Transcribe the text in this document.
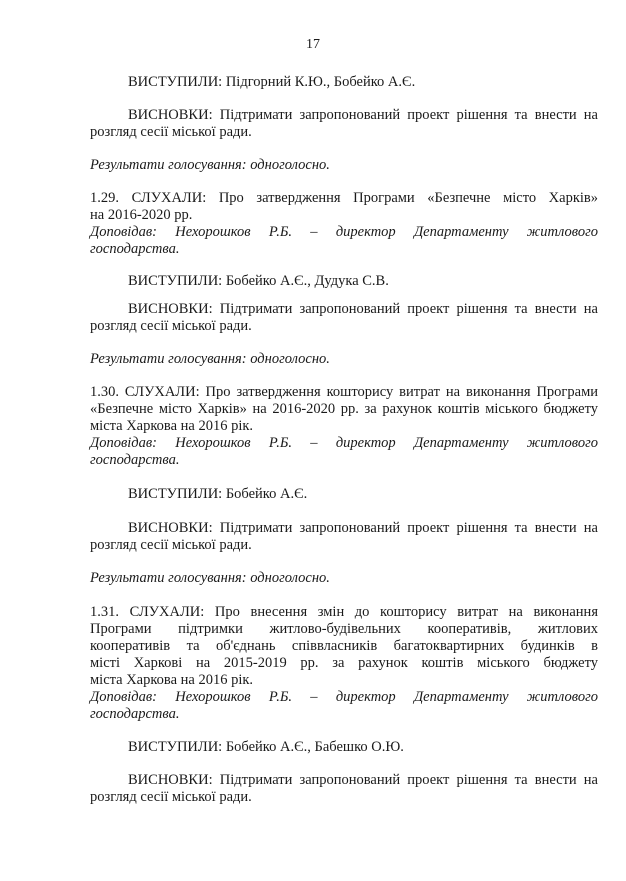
17
ВИСТУПИЛИ: Підгорний К.Ю., Бобейко А.Є.
ВИСНОВКИ: Підтримати запропонований проект рішення та внести на
розгляд сесії міської ради.
Результати голосування: одноголосно.
1.29. СЛУХАЛИ: Про затвердження Програми «Безпечне місто Харків»
на 2016-2020 рр.
Доповідав: Нехорошков Р.Б. – директор Департаменту житлового
господарства.
ВИСТУПИЛИ: Бобейко А.Є., Дудука С.В.
ВИСНОВКИ: Підтримати запропонований проект рішення та внести на
розгляд сесії міської ради.
Результати голосування: одноголосно.
1.30. СЛУХАЛИ: Про затвердження кошторису витрат на виконання Програми
«Безпечне місто Харків» на 2016-2020 рр. за рахунок коштів міського бюджету
міста Харкова на 2016 рік.
Доповідав: Нехорошков Р.Б. – директор Департаменту житлового
господарства.
ВИСТУПИЛИ: Бобейко А.Є.
ВИСНОВКИ: Підтримати запропонований проект рішення та внести на
розгляд сесії міської ради.
Результати голосування: одноголосно.
1.31. СЛУХАЛИ: Про внесення змін до кошторису витрат на виконання
Програми підтримки житлово-будівельних кооперативів, житлових
кооперативів та об'єднань співвласників багатоквартирних будинків в
місті Харкові на 2015-2019 рр. за рахунок коштів міського бюджету
міста Харкова на 2016 рік.
Доповідав: Нехорошков Р.Б. – директор Департаменту житлового
господарства.
ВИСТУПИЛИ: Бобейко А.Є., Бабешко О.Ю.
ВИСНОВКИ: Підтримати запропонований проект рішення та внести на
розгляд сесії міської ради.
